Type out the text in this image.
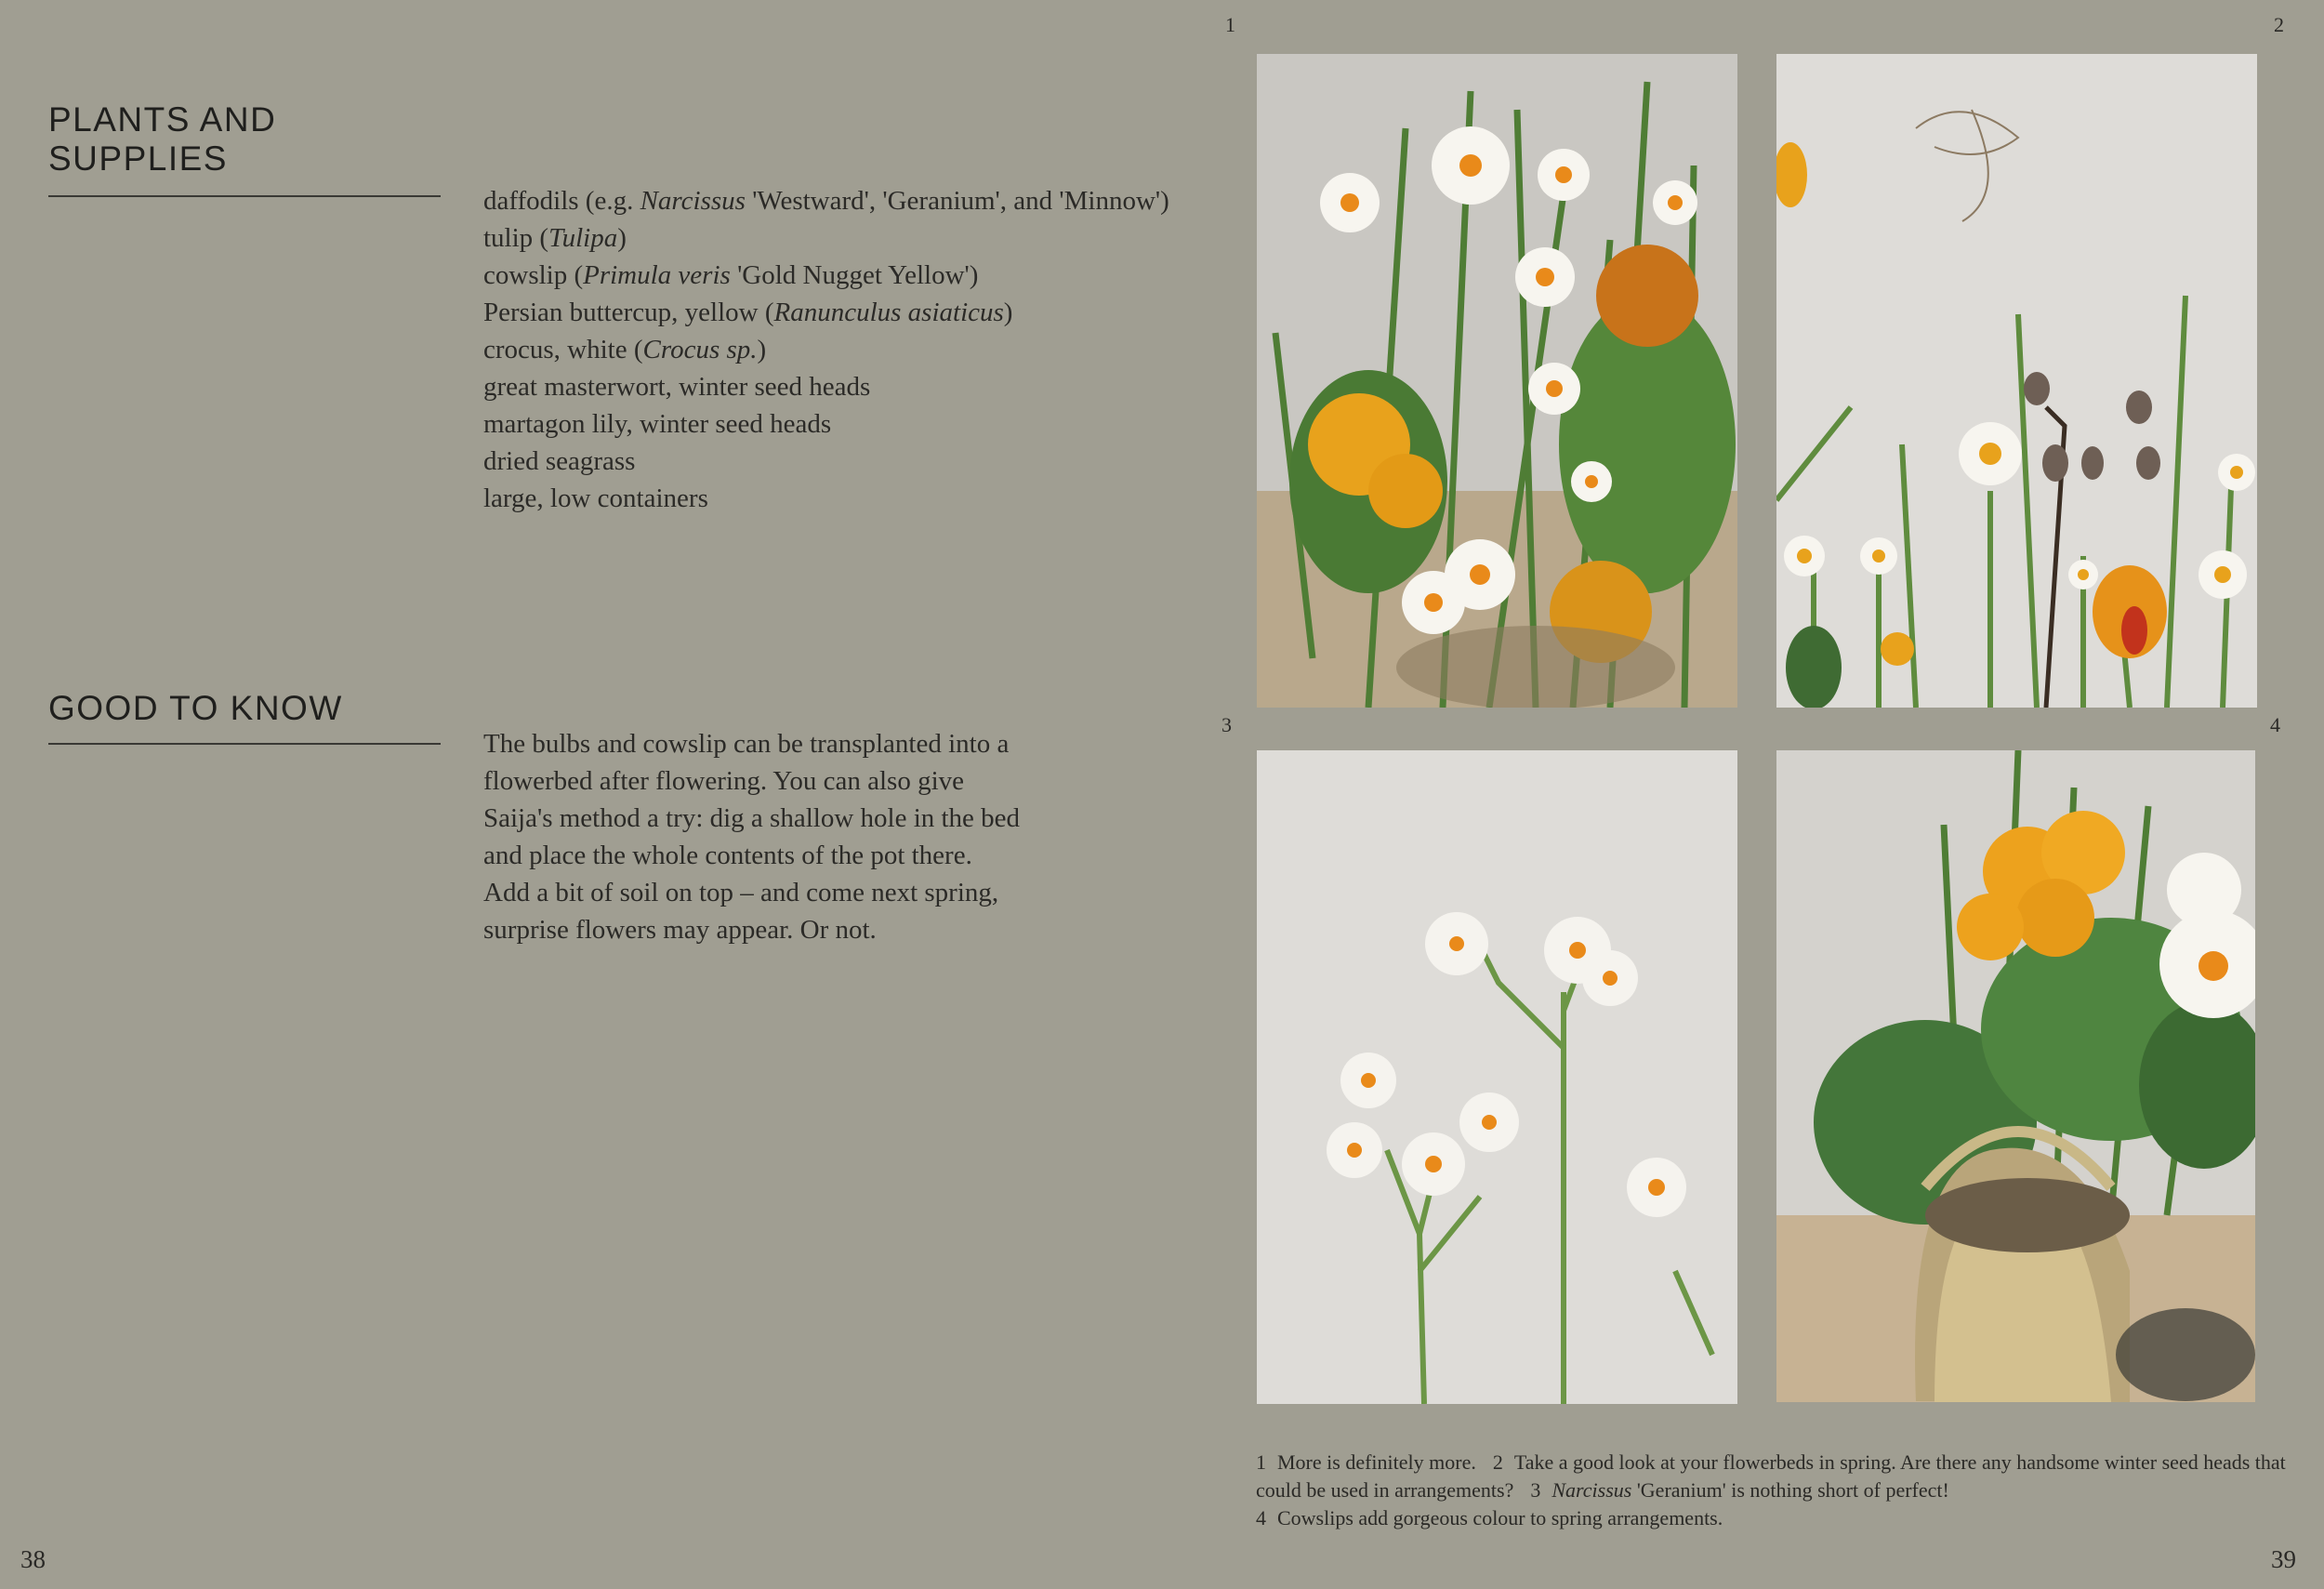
PLANTS AND
SUPPLIES
daffodils (e.g. Narcissus 'Westward', 'Geranium', and 'Minnow')
tulip (Tulipa)
cowslip (Primula veris 'Gold Nugget Yellow')
Persian buttercup, yellow (Ranunculus asiaticus)
crocus, white (Crocus sp.)
great masterwort, winter seed heads
martagon lily, winter seed heads
dried seagrass
large, low containers
GOOD TO KNOW

The bulbs and cowslip can be transplanted into a flowerbed after flowering. You can also give Saija's method a try: dig a shallow hole in the bed and place the whole contents of the pot there. Add a bit of soil on top – and come next spring, surprise flowers may appear. Or not.

38
1	2
3	4
1 More is definitely more. 2 Take a good look at your flowerbeds in spring. Are there any handsome winter seed heads that could be used in arrangements? 3 Narcissus 'Geranium' is nothing short of perfect!
4 Cowslips add gorgeous colour to spring arrangements.
39
